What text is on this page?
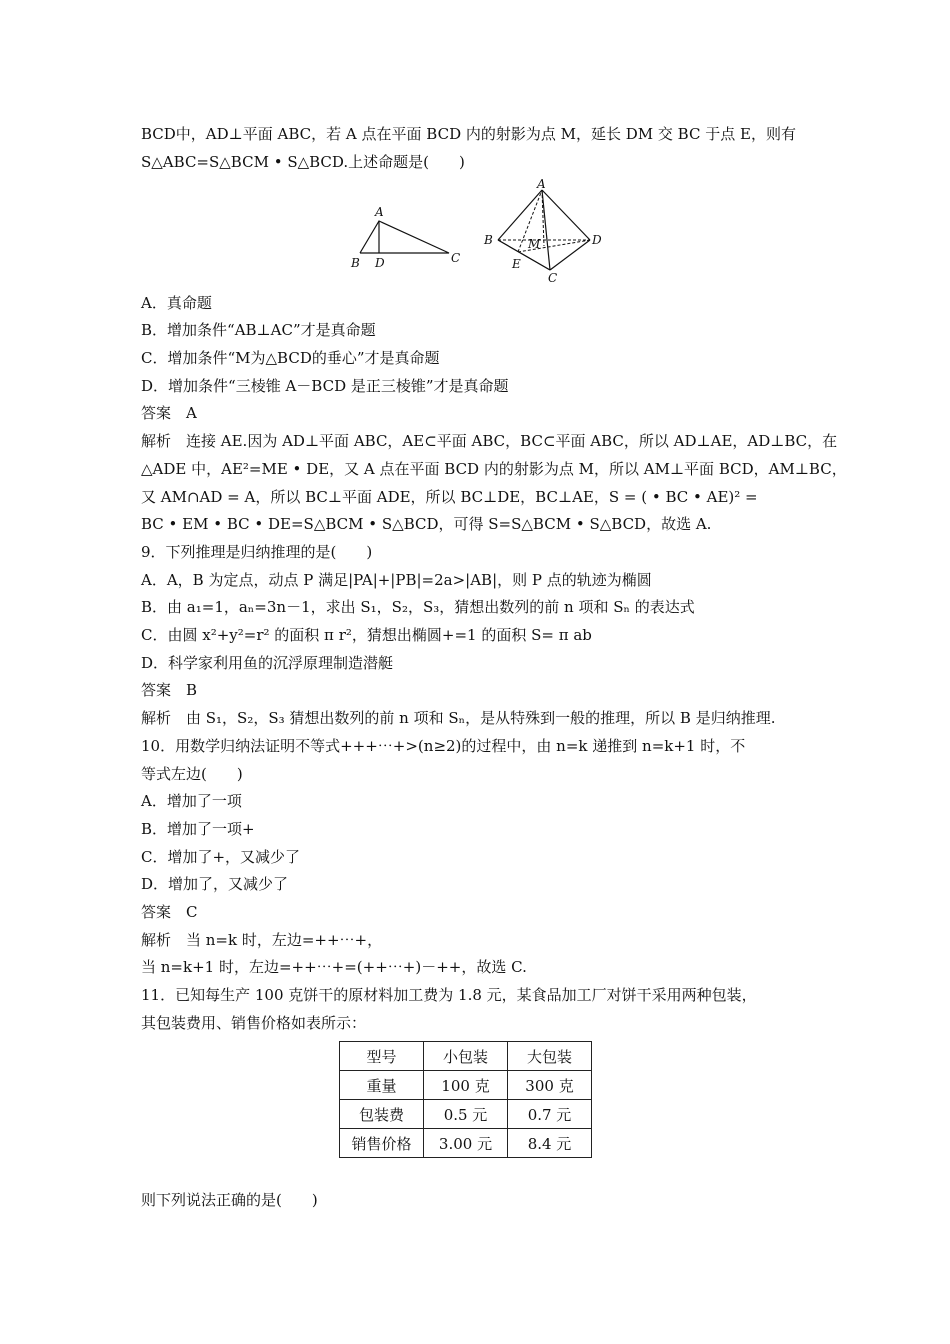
BCD中，AD⊥平面 ABC，若 A 点在平面 BCD 内的射影为点 M，延长 DM 交 BC 于点 E，则有
S△ABC=S△BCM • S△BCD.上述命题是(　　)
A
B D	C
A
B	M	D
E
C
A．真命题
B．增加条件“AB⊥AC”才是真命题
C．增加条件“M为△BCD的垂心”才是真命题
D．增加条件“三棱锥 A－BCD 是正三棱锥”才是真命题
答案　A
解析　连接 AE.因为 AD⊥平面 ABC，AE⊂平面 ABC，BC⊂平面 ABC，所以 AD⊥AE，AD⊥BC，在
△ADE 中，AE²=ME • DE，又 A 点在平面 BCD 内的射影为点 M，所以 AM⊥平面 BCD，AM⊥BC，
又 AM∩AD = A，所以 BC⊥平面 ADE，所以 BC⊥DE，BC⊥AE，S = ( • BC • AE)² =
BC • EM • BC • DE=S△BCM • S△BCD，可得 S=S△BCM • S△BCD，故选 A.
9．下列推理是归纳推理的是(　　)
A．A，B 为定点，动点 P 满足|PA|+|PB|=2a>|AB|，则 P 点的轨迹为椭圆
B．由 a₁=1，aₙ=3n－1，求出 S₁，S₂，S₃，猜想出数列的前 n 项和 Sₙ 的表达式
C．由圆 x²+y²=r² 的面积 π r²，猜想出椭圆+=1 的面积 S= π ab
D．科学家利用鱼的沉浮原理制造潜艇
答案　B
解析　由 S₁，S₂，S₃ 猜想出数列的前 n 项和 Sₙ，是从特殊到一般的推理，所以 B 是归纳推理.
10．用数学归纳法证明不等式+++⋯+>(n≥2)的过程中，由 n=k 递推到 n=k+1 时，不
等式左边(　　)
A．增加了一项
B．增加了一项+
C．增加了+，又减少了
D．增加了，又减少了
答案　C
解析　当 n=k 时，左边=++⋯+，
当 n=k+1 时，左边=++⋯+=(++⋯+)－++，故选 C.
11．已知每生产 100 克饼干的原材料加工费为 1.8 元，某食品加工厂对饼干采用两种包装，
其包装费用、销售价格如表所示：
型号	小包装	大包装
重量	100 克	300 克
包装费	0.5 元	0.7 元
销售价格	3.00 元	8.4 元
则下列说法正确的是(　　)
